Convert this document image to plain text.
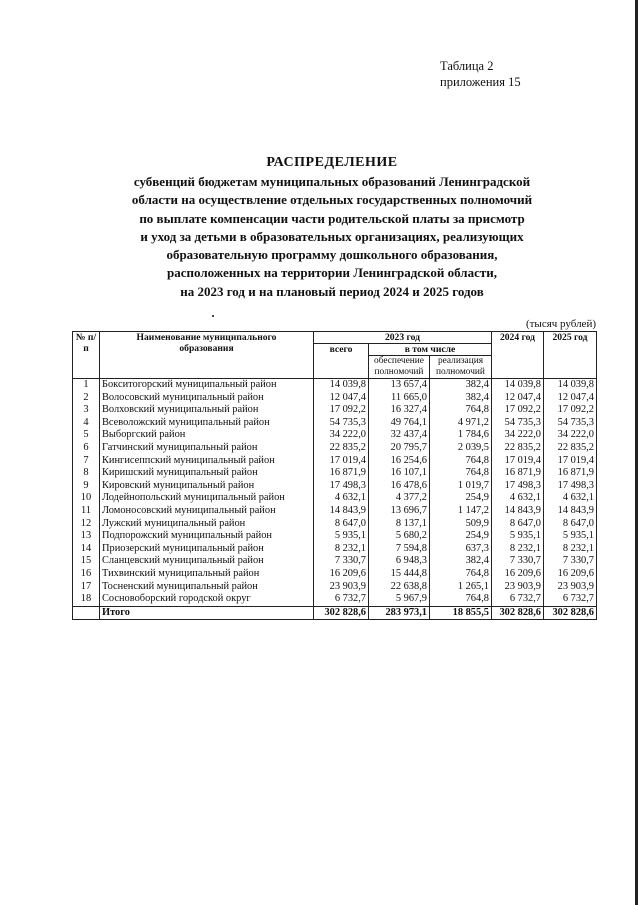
Таблица 2
приложения 15
РАСПРЕДЕЛЕНИЕ
субвенций бюджетам муниципальных образований Ленинградской
области на осуществление отдельных государственных полномочий
по выплате компенсации части родительской платы за присмотр
и уход за детьми в образовательных организациях, реализующих
образовательную программу дошкольного образования,
расположенных на территории Ленинградской области,
на 2023 год и на плановый период 2024 и 2025 годов
(тысяч рублей)
№ п/п	Наименование муниципального образования	2023 год			2024 год	2025 год
		всего	в том числе			
			обеспечение полномочий	реализация полномочий		
1	Бокситогорский муниципальный район	14 039,8	13 657,4	382,4	14 039,8	14 039,8
2	Волосовский муниципальный район	12 047,4	11 665,0	382,4	12 047,4	12 047,4
3	Волховский муниципальный район	17 092,2	16 327,4	764,8	17 092,2	17 092,2
4	Всеволожский муниципальный район	54 735,3	49 764,1	4 971,2	54 735,3	54 735,3
5	Выборгский район	34 222,0	32 437,4	1 784,6	34 222,0	34 222,0
6	Гатчинский муниципальный район	22 835,2	20 795,7	2 039,5	22 835,2	22 835,2
7	Кингисеппский муниципальный район	17 019,4	16 254,6	764,8	17 019,4	17 019,4
8	Киришский муниципальный район	16 871,9	16 107,1	764,8	16 871,9	16 871,9
9	Кировский муниципальный район	17 498,3	16 478,6	1 019,7	17 498,3	17 498,3
10	Лодейнопольский муниципальный район	4 632,1	4 377,2	254,9	4 632,1	4 632,1
11	Ломоносовский муниципальный район	14 843,9	13 696,7	1 147,2	14 843,9	14 843,9
12	Лужский муниципальный район	8 647,0	8 137,1	509,9	8 647,0	8 647,0
13	Подпорожский муниципальный район	5 935,1	5 680,2	254,9	5 935,1	5 935,1
14	Приозерский муниципальный район	8 232,1	7 594,8	637,3	8 232,1	8 232,1
15	Сланцевский муниципальный район	7 330,7	6 948,3	382,4	7 330,7	7 330,7
16	Тихвинский муниципальный район	16 209,6	15 444,8	764,8	16 209,6	16 209,6
17	Тосненский муниципальный район	23 903,9	22 638,8	1 265,1	23 903,9	23 903,9
18	Сосновоборский городской округ	6 732,7	5 967,9	764,8	6 732,7	6 732,7
	Итого	302 828,6	283 973,1	18 855,5	302 828,6	302 828,6
